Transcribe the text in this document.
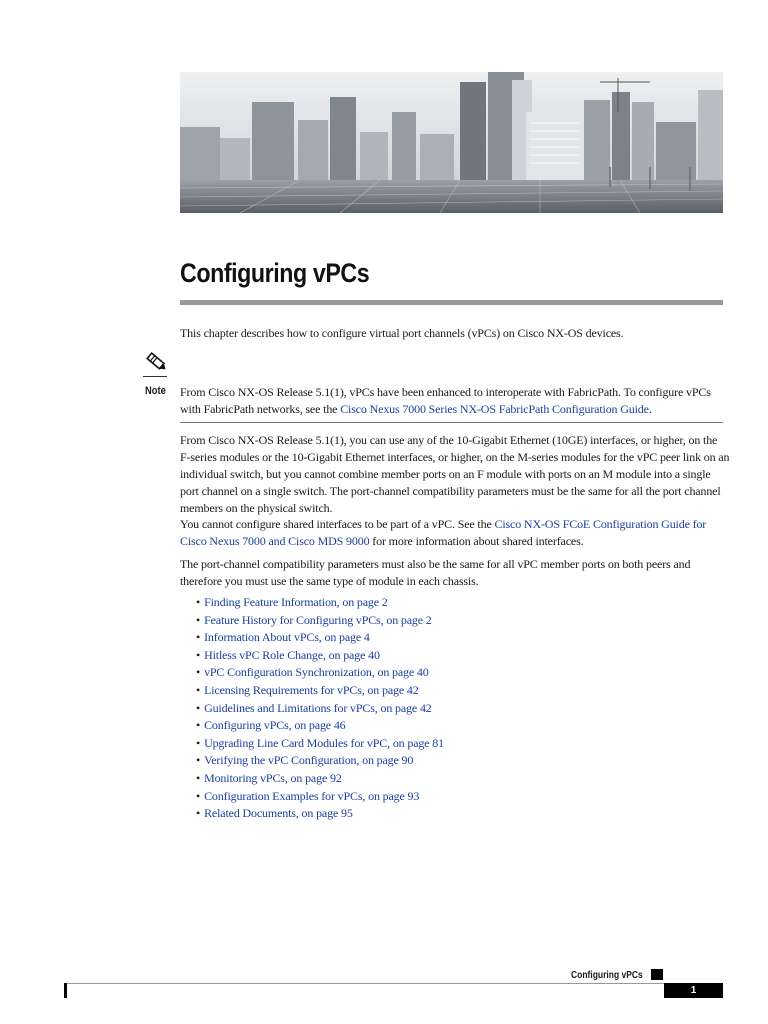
Configuring vPCs
This chapter describes how to configure virtual port channels (vPCs) on Cisco NX-OS devices.
Note From Cisco NX-OS Release 5.1(1), vPCs have been enhanced to interoperate with FabricPath. To configure vPCs with FabricPath networks, see the Cisco Nexus 7000 Series NX-OS FabricPath Configuration Guide.
From Cisco NX-OS Release 5.1(1), you can use any of the 10-Gigabit Ethernet (10GE) interfaces, or higher, on the F-series modules or the 10-Gigabit Ethernet interfaces, or higher, on the M-series modules for the vPC peer link on an individual switch, but you cannot combine member ports on an F module with ports on an M module into a single port channel on a single switch. The port-channel compatibility parameters must be the same for all the port channel members on the physical switch.
You cannot configure shared interfaces to be part of a vPC. See the Cisco NX-OS FCoE Configuration Guide for Cisco Nexus 7000 and Cisco MDS 9000 for more information about shared interfaces.
The port-channel compatibility parameters must also be the same for all vPC member ports on both peers and therefore you must use the same type of module in each chassis.
• Finding Feature Information, on page 2
• Feature History for Configuring vPCs, on page 2
• Information About vPCs, on page 4
• Hitless vPC Role Change, on page 40
• vPC Configuration Synchronization, on page 40
• Licensing Requirements for vPCs, on page 42
• Guidelines and Limitations for vPCs, on page 42
• Configuring vPCs, on page 46
• Upgrading Line Card Modules for vPC, on page 81
• Verifying the vPC Configuration, on page 90
• Monitoring vPCs, on page 92
• Configuration Examples for vPCs, on page 93
• Related Documents, on page 95
Configuring vPCs
1
